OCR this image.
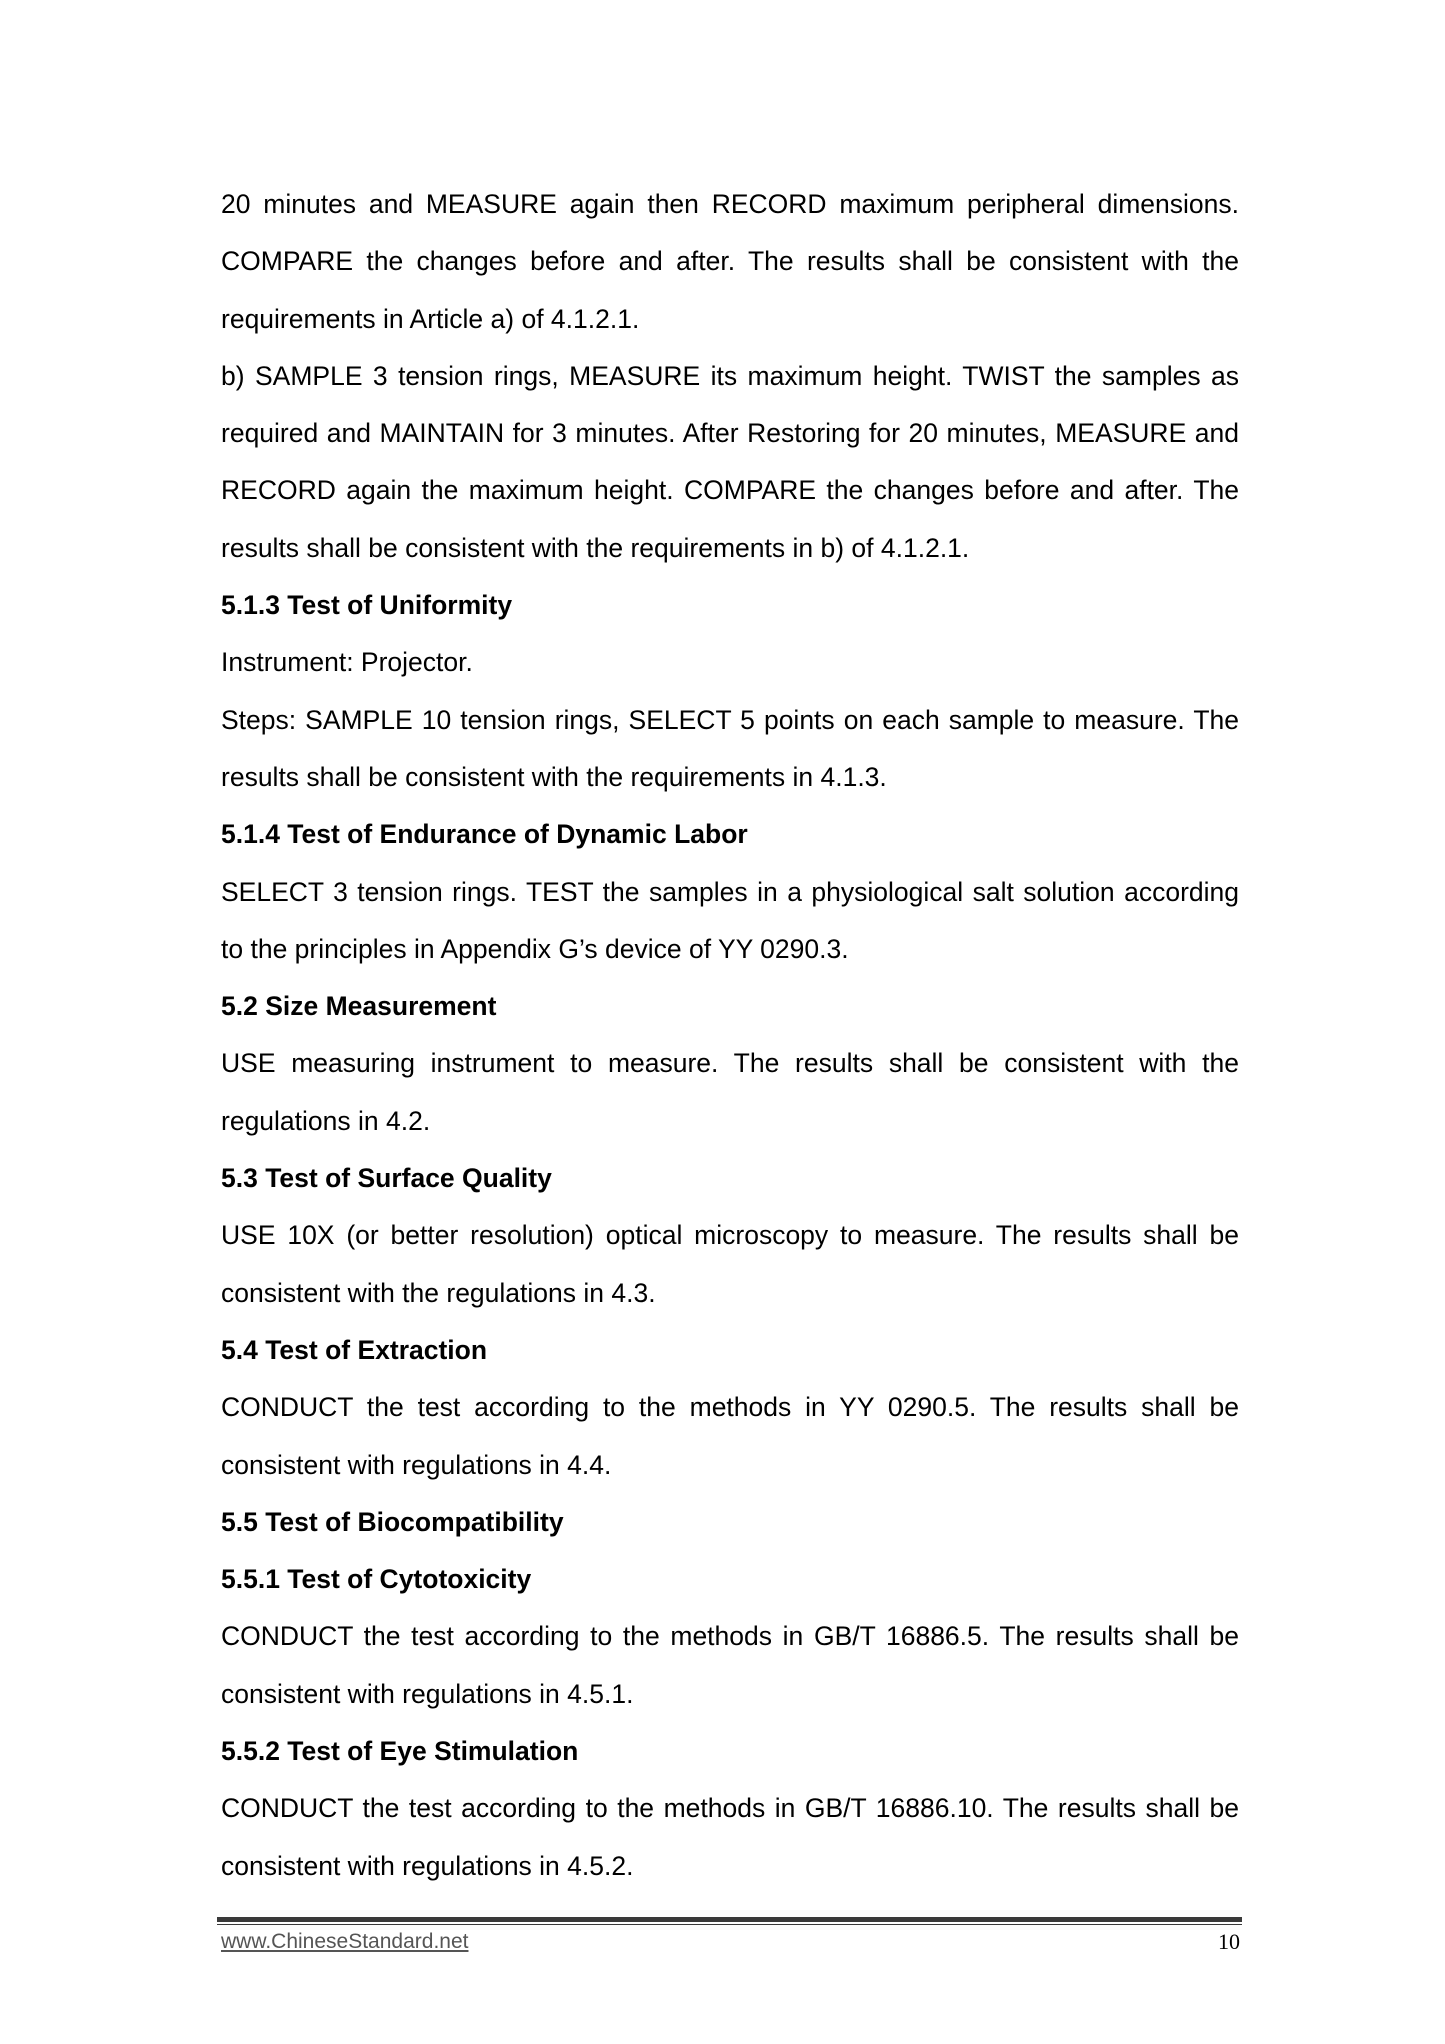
20 minutes and MEASURE again then RECORD maximum peripheral dimensions.
COMPARE the changes before and after. The results shall be consistent with the
requirements in Article a) of 4.1.2.1.
b) SAMPLE 3 tension rings, MEASURE its maximum height. TWIST the samples as
required and MAINTAIN for 3 minutes. After Restoring for 20 minutes, MEASURE and
RECORD again the maximum height. COMPARE the changes before and after. The
results shall be consistent with the requirements in b) of 4.1.2.1.
5.1.3 Test of Uniformity
Instrument: Projector.
Steps: SAMPLE 10 tension rings, SELECT 5 points on each sample to measure. The
results shall be consistent with the requirements in 4.1.3.
5.1.4 Test of Endurance of Dynamic Labor
SELECT 3 tension rings. TEST the samples in a physiological salt solution according
to the principles in Appendix G’s device of YY 0290.3.
5.2 Size Measurement
USE measuring instrument to measure. The results shall be consistent with the
regulations in 4.2.
5.3 Test of Surface Quality
USE 10X (or better resolution) optical microscopy to measure. The results shall be
consistent with the regulations in 4.3.
5.4 Test of Extraction
CONDUCT the test according to the methods in YY 0290.5. The results shall be
consistent with regulations in 4.4.
5.5 Test of Biocompatibility
5.5.1 Test of Cytotoxicity
CONDUCT the test according to the methods in GB/T 16886.5. The results shall be
consistent with regulations in 4.5.1.
5.5.2 Test of Eye Stimulation
CONDUCT the test according to the methods in GB/T 16886.10. The results shall be
consistent with regulations in 4.5.2.
www.ChineseStandard.net	10
